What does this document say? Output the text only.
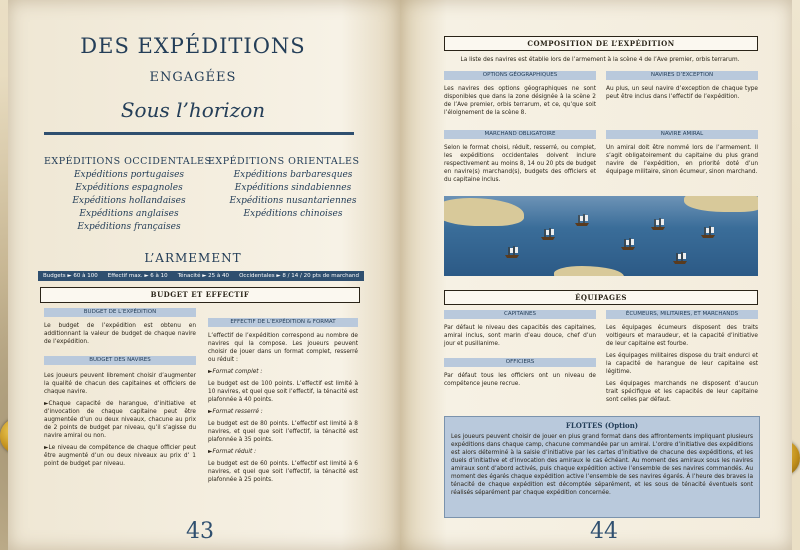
DES EXPÉDITIONS
ENGAGÉES
Sous l’horizon
EXPÉDITIONS OCCIDENTALES
Expéditions portugaises
Expéditions espagnoles
Expéditions hollandaises
Expéditions anglaises
Expéditions françaises
EXPÉDITIONS ORIENTALES
Expéditions barbaresques
Expéditions sindabiennes
Expéditions nusantariennes
Expéditions chinoises
L’ARMEMENT
Budgets ► 60 à 100 Effectif max. ► 6 à 10 Ténacité ► 25 à 40 Occidentales ► 8 / 14 / 20 pts de marchand
BUDGET ET EFFECTIF
BUDGET DE L’EXPÉDITION
Le budget de l’expédition est obtenu en additionnant la valeur de budget de chaque navire de l’expédition.
BUDGET DES NAVIRES

Les joueurs peuvent librement choisir d’augmenter la qualité de chacun des capitaines et officiers de chaque navire.

►Chaque capacité de harangue, d’initiative et d’invocation de chaque capitaine peut être augmentée d’un ou deux niveaux, chacune au prix de 2 points de budget par niveau, qu’il s’agisse du navire amiral ou non.

►Le niveau de compétence de chaque officier peut être augmenté d’un ou deux niveaux au prix d’ 1 point de budget par niveau.

EFFECTIF DE L’EXPÉDITION & FORMAT

L’effectif de l’expédition correspond au nombre de navires qui la compose. Les joueurs peuvent choisir de jouer dans un format complet, resserré ou réduit :

►Format complet :

Le budget est de 100 points. L’effectif est limité à 10 navires, et quel que soit l’effectif, la ténacité est plafonnée à 40 points.

►Format resserré :

Le budget est de 80 points. L’effectif est limité à 8 navires, et quel que soit l’effectif, la ténacité est plafonnée à 35 points.

►Format réduit :

Le budget est de 60 points. L’effectif est limité à 6 navires, et quel que soit l’effectif, la ténacité est plafonnée à 25 points.

43
COMPOSITION DE L’EXPÉDITION
La liste des navires est établie lors de l’armement à la scène 4 de l’Ave premier, orbis terrarum.
OPTIONS GÉOGRAPHIQUES
Les navires des options géographiques ne sont disponibles que dans la zone désignée à la scène 2 de l’Ave premier, orbis terrarum, et ce, qu’que soit l’éloignement de la scène 8.
NAVIRES D’EXCEPTION
Au plus, un seul navire d’exception de chaque type peut être inclus dans l’effectif de l’expédition.
MARCHAND OBLIGATOIRE
Selon le format choisi, réduit, resserré, ou complet, les expéditions occidentales doivent inclure respectivement au moins 8, 14 ou 20 pts de budget en navire(s) marchand(s), budgets des officiers et du capitaine inclus.
NAVIRE AMIRAL
Un amiral doit être nommé lors de l’armement. Il s’agit obligatoirement du capitaine du plus grand navire de l’expédition, en priorité doté d’un équipage militaire, sinon écumeur, sinon marchand.
ÉQUIPAGES
CAPITAINES
Par défaut le niveau des capacités des capitaines, amiral inclus, sont marin d’eau douce, chef d’un jour et pusillanime.
OFFICIERS
Par défaut tous les officiers ont un niveau de compétence jeune recrue.
ÉCUMEURS, MILITAIRES, ET MARCHANDS

Les équipages écumeurs disposent des traits voltigeurs et maraudeur, et la capacité d’initiative de leur capitaine est fourbe.

Les équipages militaires dispose du trait endurci et la capacité de harangue de leur capitaine est légitime.

Les équipages marchands ne disposent d’aucun trait spécifique et les capacités de leur capitaine sont celles par défaut.

FLOTTES (Option)
Les joueurs peuvent choisir de jouer en plus grand format dans des affrontements impliquant plusieurs expéditions dans chaque camp, chacune commandée par un amiral. L’ordre d’initiative des expéditions est alors déterminé à la saisie d’initiative par les cartes d’initiative de chacune des expéditions, et les duels d’initiative et d’invocation des amiraux le cas échéant. Au moment des amiraux sous les navires amiraux sont d’abord activés, puis chaque expédition active l’ensemble de ses navires commandés. Au moment des égarés chaque expédition active l’ensemble de ses navires égarés. À l’heure des braves la ténacité de chaque expédition est décomptée séparément, et les sous de ténacité éventuels sont réalisés séparément par chaque expédition concernée.
44
